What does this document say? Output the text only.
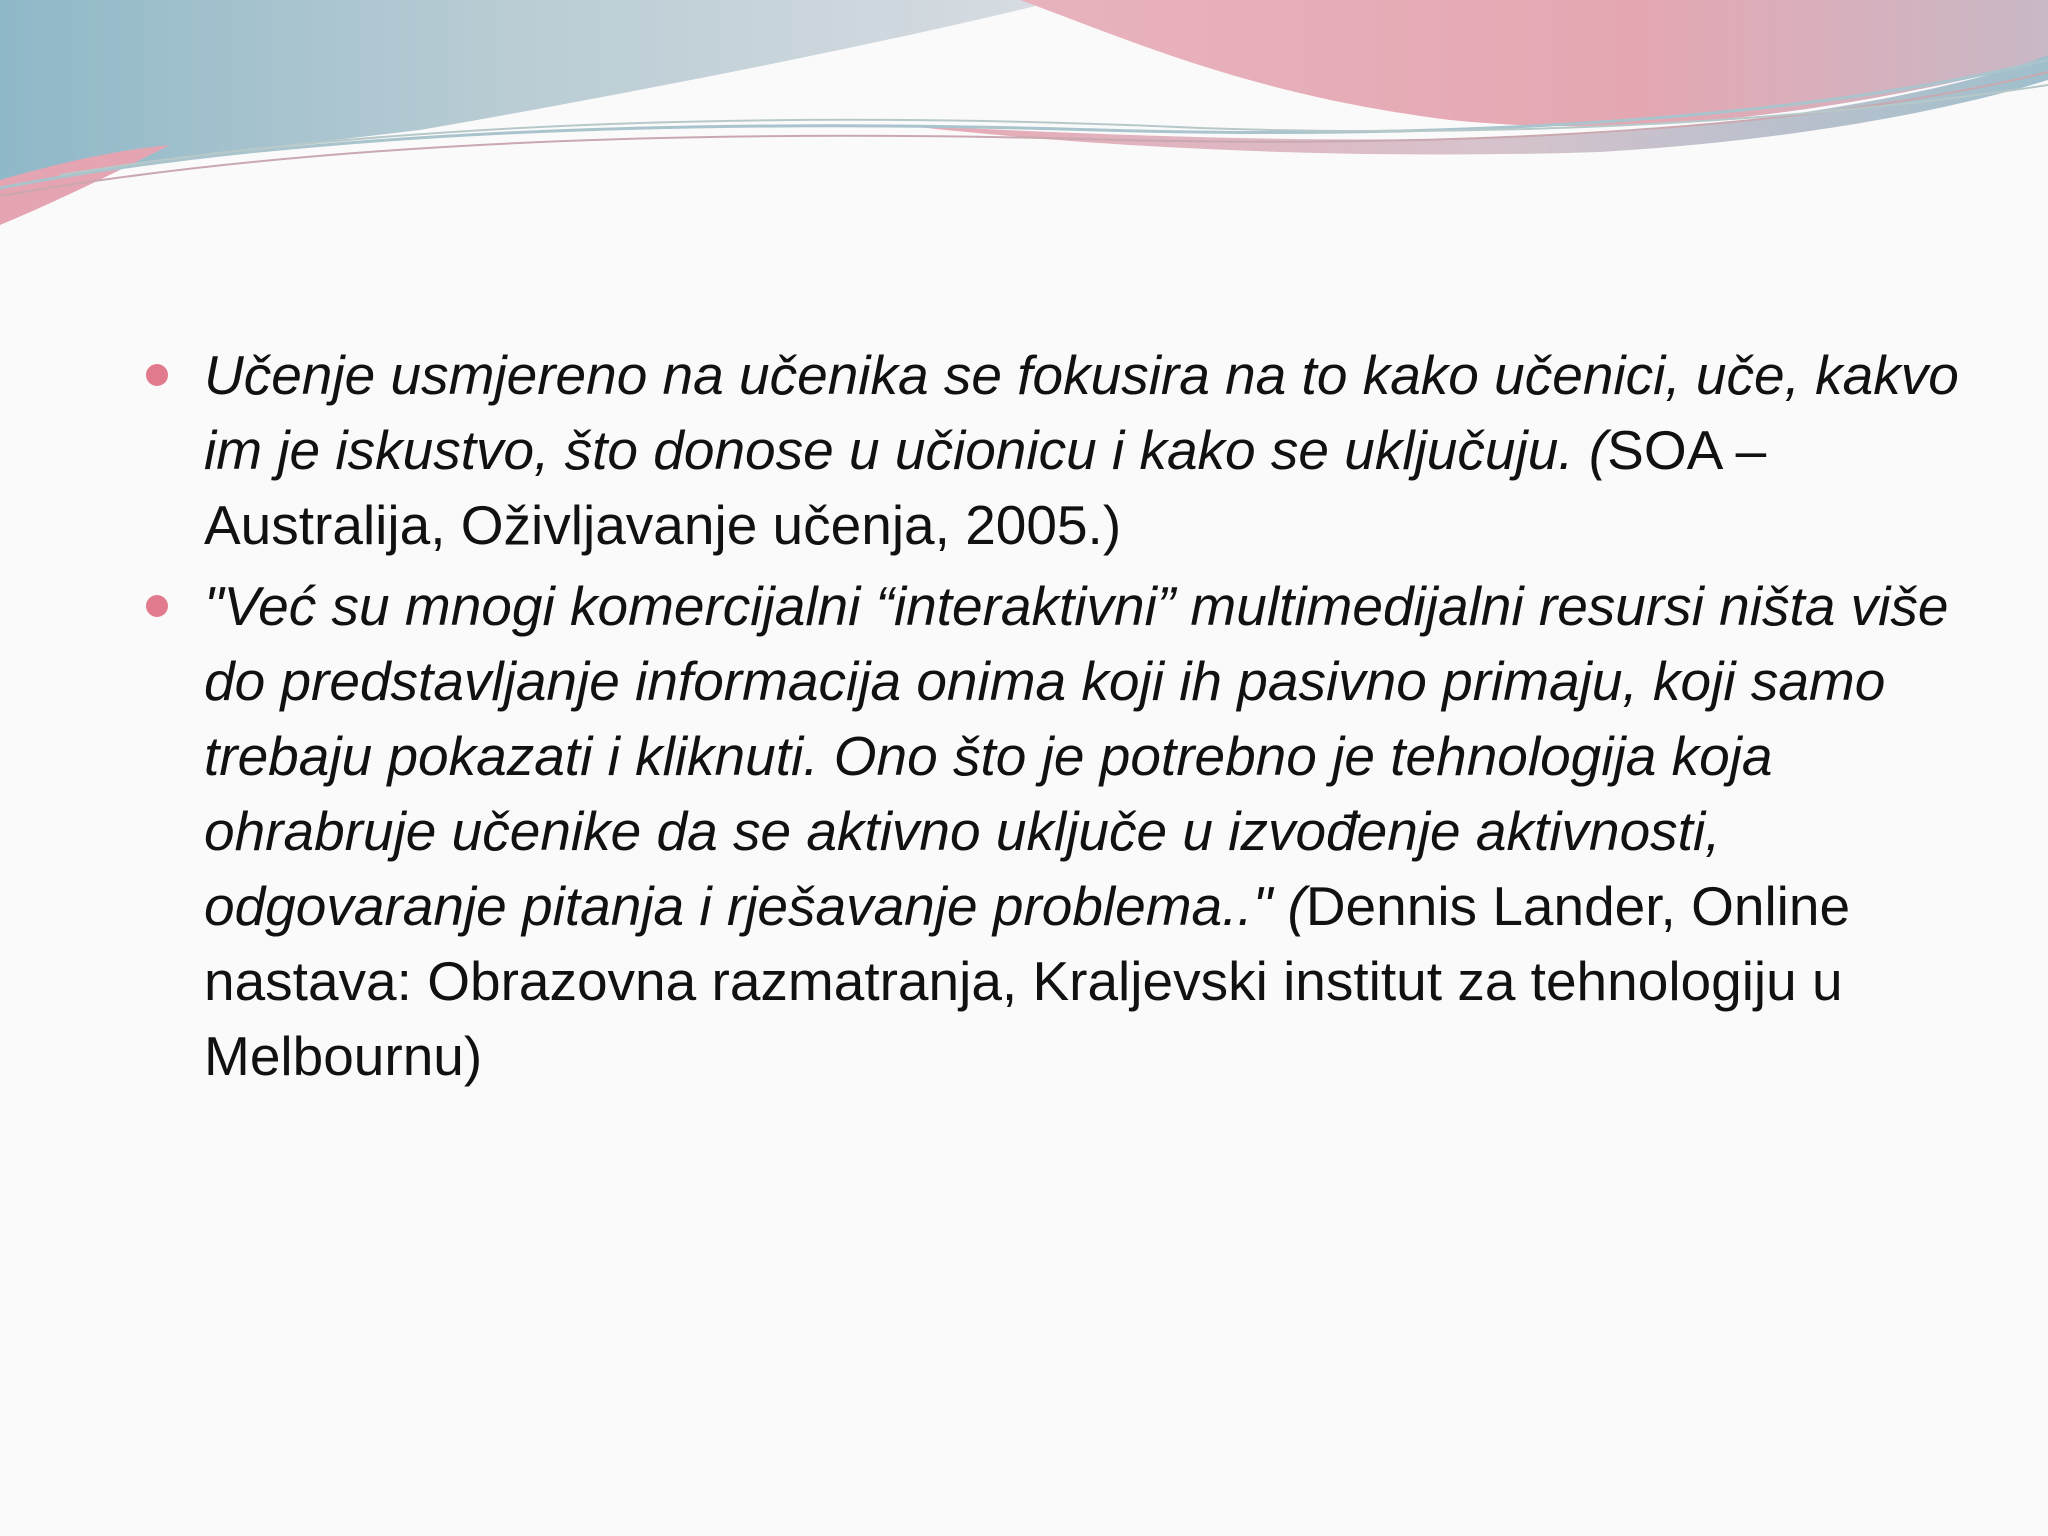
Učenje usmjereno na učenika se fokusira na to kako učenici, uče, kakvo im je iskustvo, što donose u učionicu i kako se uključuju. (SOA –Australija, Oživljavanje učenja, 2005.)
"Već su mnogi komercijalni “interaktivni” multimedijalni resursi ništa više do predstavljanje informacija onima koji ih pasivno primaju, koji samo trebaju pokazati i kliknuti. Ono što je potrebno je tehnologija koja ohrabruje učenike da se aktivno uključe u izvođenje aktivnosti, odgovaranje pitanja i rješavanje problema.." (Dennis Lander, Online nastava: Obrazovna razmatranja, Kraljevski institut za tehnologiju u Melbournu)
